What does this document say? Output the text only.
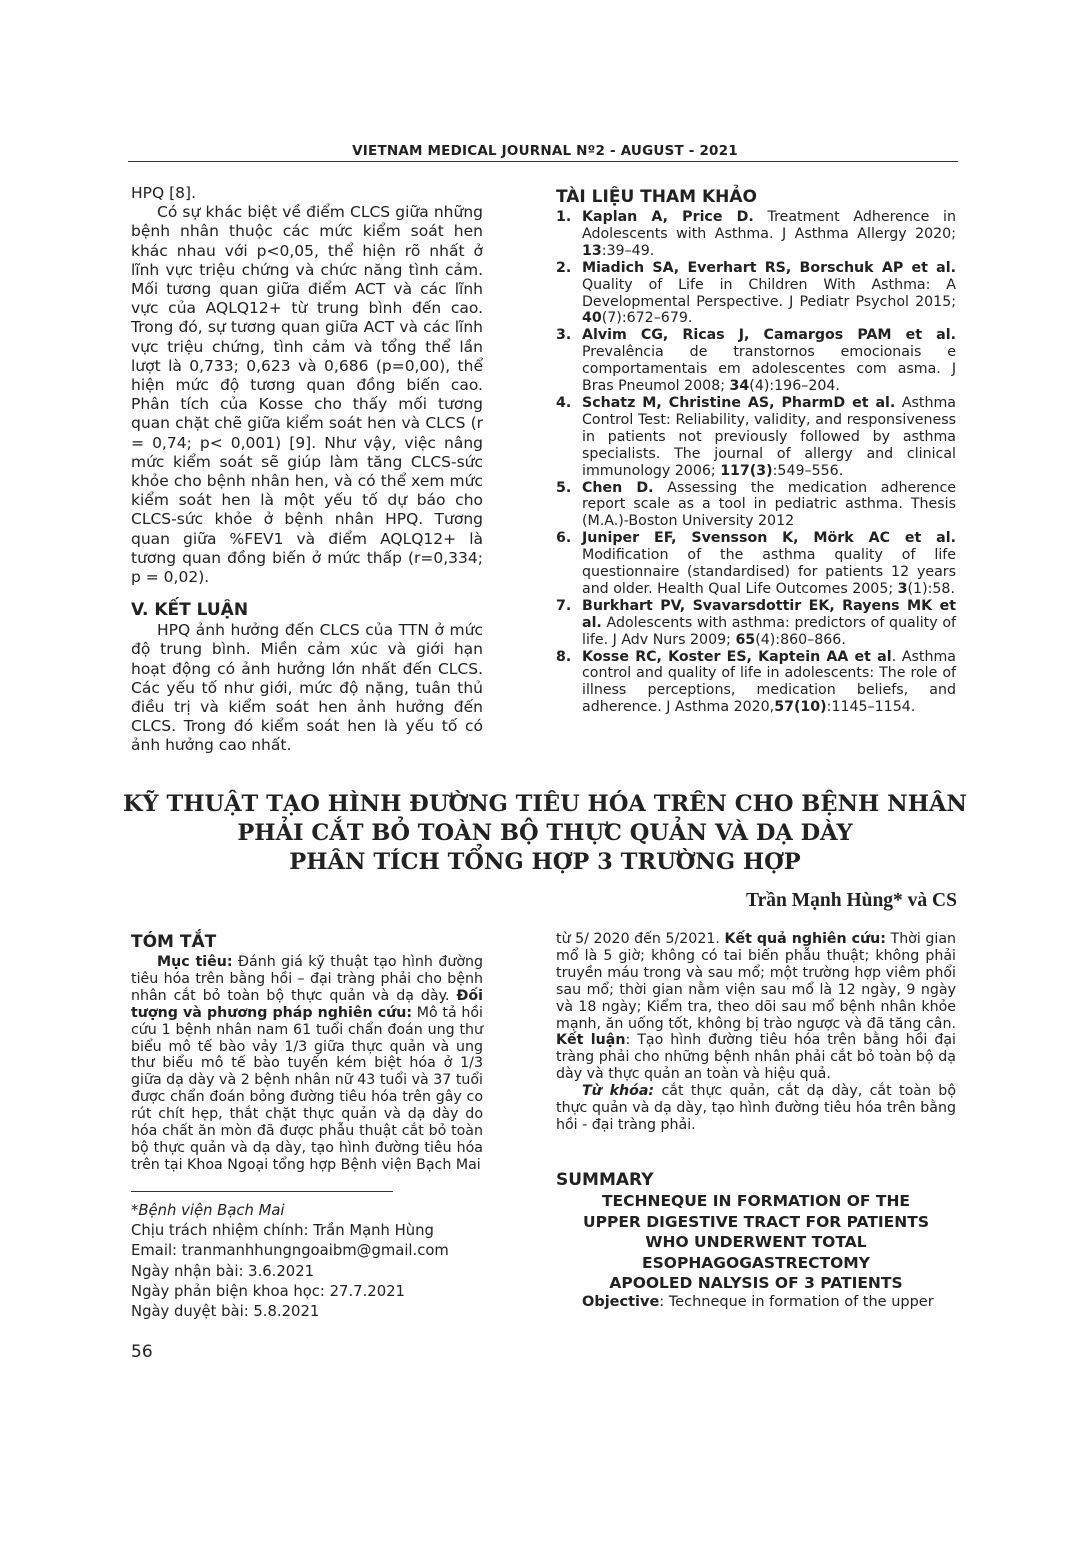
VIETNAM MEDICAL JOURNAL Nº2 - AUGUST - 2021

HPQ [8].

Có sự khác biệt về điểm CLCS giữa những bệnh nhân thuộc các mức kiểm soát hen khác nhau với p<0,05, thể hiện rõ nhất ở lĩnh vực triệu chứng và chức năng tình cảm. Mối tương quan giữa điểm ACT và các lĩnh vực của AQLQ12+ từ trung bình đến cao. Trong đó, sự tương quan giữa ACT và các lĩnh vực triệu chứng, tình cảm và tổng thể lần lượt là 0,733; 0,623 và 0,686 (p=0,00), thể hiện mức độ tương quan đồng biến cao. Phân tích của Kosse cho thấy mối tương quan chặt chẽ giữa kiểm soát hen và CLCS (r = 0,74; p< 0,001) [9]. Như vậy, việc nâng mức kiểm soát sẽ giúp làm tăng CLCS-sức khỏe cho bệnh nhân hen, và có thể xem mức kiểm soát hen là một yếu tố dự báo cho CLCS-sức khỏe ở bệnh nhân HPQ. Tương quan giữa %FEV1 và điểm AQLQ12+ là tương quan đồng biến ở mức thấp (r=0,334; p = 0,02).

V. KẾT LUẬN

HPQ ảnh hưởng đến CLCS của TTN ở mức độ trung bình. Miền cảm xúc và giới hạn hoạt động có ảnh hưởng lớn nhất đến CLCS. Các yếu tố như giới, mức độ nặng, tuân thủ điều trị và kiểm soát hen ảnh hưởng đến CLCS. Trong đó kiểm soát hen là yếu tố có ảnh hưởng cao nhất.

TÀI LIỆU THAM KHẢO
1. Kaplan A, Price D. Treatment Adherence in Adolescents with Asthma. J Asthma Allergy 2020; 13:39–49.
2. Miadich SA, Everhart RS, Borschuk AP et al. Quality of Life in Children With Asthma: A Developmental Perspective. J Pediatr Psychol 2015; 40(7):672–679.
3. Alvim CG, Ricas J, Camargos PAM et al. Prevalência de transtornos emocionais e comportamentais em adolescentes com asma. J Bras Pneumol 2008; 34(4):196–204.
4. Schatz M, Christine AS, PharmD et al. Asthma Control Test: Reliability, validity, and responsiveness in patients not previously followed by asthma specialists. The journal of allergy and clinical immunology 2006; 117(3):549–556.
5. Chen D. Assessing the medication adherence report scale as a tool in pediatric asthma. Thesis (M.A.)-Boston University 2012
6. Juniper EF, Svensson K, Mörk AC et al. Modification of the asthma quality of life questionnaire (standardised) for patients 12 years and older. Health Qual Life Outcomes 2005; 3(1):58.
7. Burkhart PV, Svavarsdottir EK, Rayens MK et al. Adolescents with asthma: predictors of quality of life. J Adv Nurs 2009; 65(4):860–866.
8. Kosse RC, Koster ES, Kaptein AA et al. Asthma control and quality of life in adolescents: The role of illness perceptions, medication beliefs, and adherence. J Asthma 2020,57(10):1145–1154.
KỸ THUẬT TẠO HÌNH ĐƯỜNG TIÊU HÓA TRÊN CHO BỆNH NHÂN
PHẢI CẮT BỎ TOÀN BỘ THỰC QUẢN VÀ DẠ DÀY
PHÂN TÍCH TỔNG HỢP 3 TRƯỜNG HỢP
Trần Mạnh Hùng* và CS
TÓM TẮT

Mục tiêu: Đánh giá kỹ thuật tạo hình đường tiêu hóa trên bằng hồi – đại tràng phải cho bệnh nhân cắt bỏ toàn bộ thực quản và dạ dày. Đối tượng và phương pháp nghiên cứu: Mô tả hồi cứu 1 bệnh nhân nam 61 tuổi chẩn đoán ung thư biểu mô tế bào vảy 1/3 giữa thực quản và ung thư biểu mô tế bào tuyến kém biệt hóa ở 1/3 giữa dạ dày và 2 bệnh nhân nữ 43 tuổi và 37 tuổi được chẩn đoán bỏng đường tiêu hóa trên gây co rút chít hẹp, thắt chặt thực quản và dạ dày do hóa chất ăn mòn đã được phẫu thuật cắt bỏ toàn bộ thực quản và dạ dày, tạo hình đường tiêu hóa trên tại Khoa Ngoại tổng hợp Bệnh viện Bạch Mai

*Bệnh viện Bạch Mai
Chịu trách nhiệm chính: Trần Mạnh Hùng
Email: tranmanhhungngoaibm@gmail.com
Ngày nhận bài: 3.6.2021
Ngày phản biện khoa học: 27.7.2021
Ngày duyệt bài: 5.8.2021

từ 5/ 2020 đến 5/2021. Kết quả nghiên cứu: Thời gian mổ là 5 giờ; không có tai biến phẫu thuật; không phải truyền máu trong và sau mổ; một trường hợp viêm phổi sau mổ; thời gian nằm viện sau mổ là 12 ngày, 9 ngày và 18 ngày; Kiểm tra, theo dõi sau mổ bệnh nhân khỏe mạnh, ăn uống tốt, không bị trào ngược và đã tăng cân. Kết luận: Tạo hình đường tiêu hóa trên bằng hồi đại tràng phải cho những bệnh nhân phải cắt bỏ toàn bộ dạ dày và thực quản an toàn và hiệu quả.

Từ khóa: cắt thực quản, cắt dạ dày, cắt toàn bộ thực quản và dạ dày, tạo hình đường tiêu hóa trên bằng hồi - đại tràng phải.

SUMMARY
TECHNEQUE IN FORMATION OF THE
UPPER DIGESTIVE TRACT FOR PATIENTS
WHO UNDERWENT TOTAL
ESOPHAGOGASTRECTOMY
APOOLED NALYSIS OF 3 PATIENTS

Objective: Techneque in formation of the upper

56
